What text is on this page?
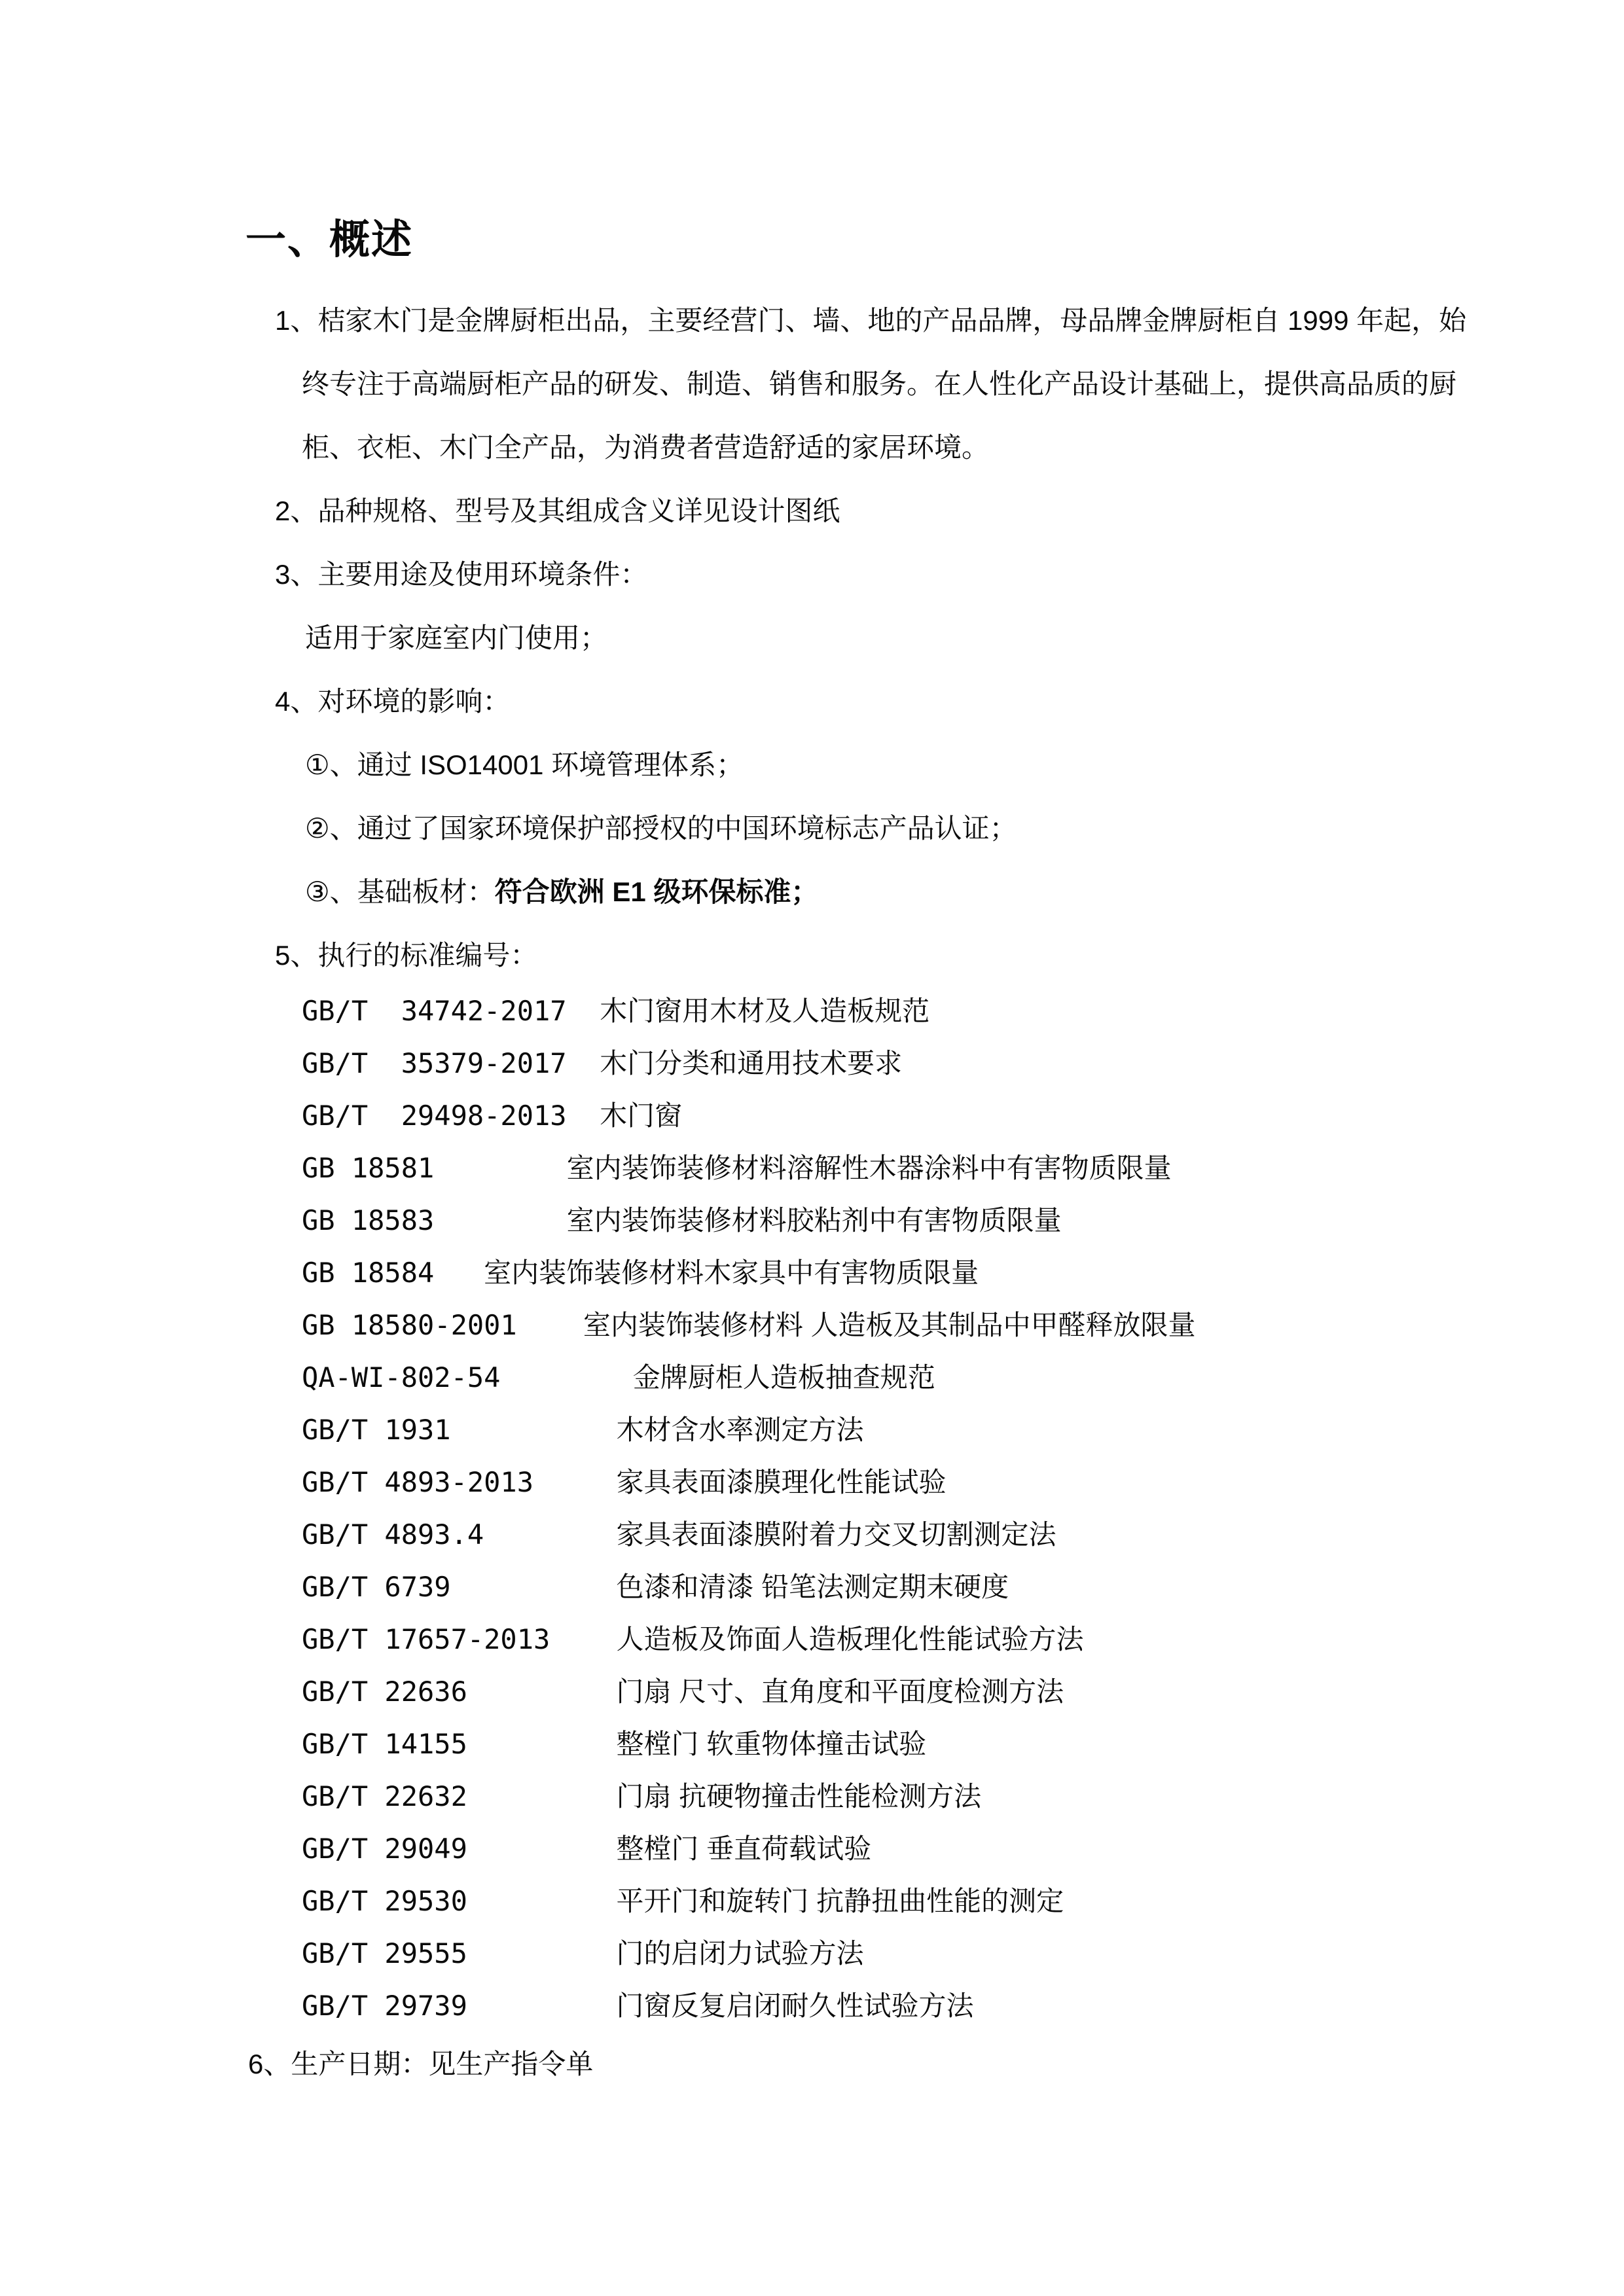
一、概述
1、桔家木门是金牌厨柜出品，主要经营门、墙、地的产品品牌，母品牌金牌厨柜自 1999 年起，始
终专注于高端厨柜产品的研发、制造、销售和服务。在人性化产品设计基础上，提供高品质的厨
柜、衣柜、木门全产品，为消费者营造舒适的家居环境。
2、品种规格、型号及其组成含义详见设计图纸
3、主要用途及使用环境条件：
适用于家庭室内门使用；
4、对环境的影响：
①、通过 ISO14001 环境管理体系；
②、通过了国家环境保护部授权的中国环境标志产品认证；
③、基础板材：符合欧洲 E1 级环保标准；
5、执行的标准编号：
GB/T  34742-2017  木门窗用木材及人造板规范
GB/T  35379-2017  木门分类和通用技术要求
GB/T  29498-2013  木门窗
GB 18581        室内装饰装修材料溶解性木器涂料中有害物质限量
GB 18583        室内装饰装修材料胶粘剂中有害物质限量
GB 18584   室内装饰装修材料木家具中有害物质限量
GB 18580-2001    室内装饰装修材料 人造板及其制品中甲醛释放限量
QA-WI-802-54        金牌厨柜人造板抽查规范
GB/T 1931          木材含水率测定方法
GB/T 4893-2013     家具表面漆膜理化性能试验
GB/T 4893.4        家具表面漆膜附着力交叉切割测定法
GB/T 6739          色漆和清漆 铅笔法测定期末硬度
GB/T 17657-2013    人造板及饰面人造板理化性能试验方法
GB/T 22636         门扇 尺寸、直角度和平面度检测方法
GB/T 14155         整樘门 软重物体撞击试验
GB/T 22632         门扇 抗硬物撞击性能检测方法
GB/T 29049         整樘门 垂直荷载试验
GB/T 29530         平开门和旋转门 抗静扭曲性能的测定
GB/T 29555         门的启闭力试验方法
GB/T 29739         门窗反复启闭耐久性试验方法
6、生产日期：见生产指令单
